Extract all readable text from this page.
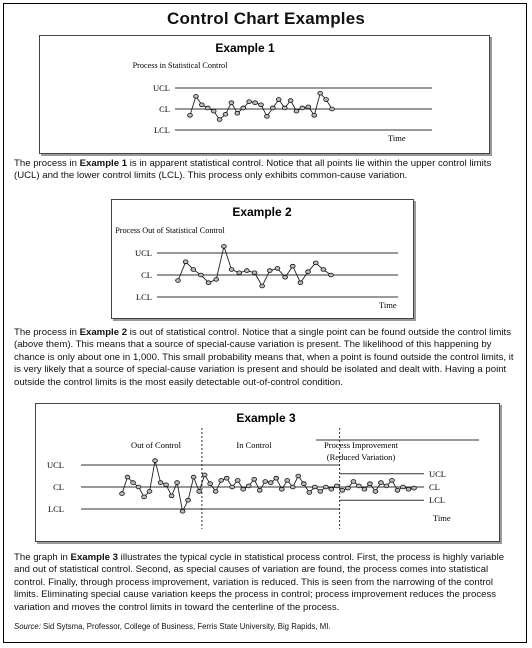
Control Chart Examples
Example 1
Process in Statistical Control
UCL
CL
LCL
Time

The process in Example 1 is in apparent statistical control. Notice that all points lie within the upper control limits (UCL) and the lower control limits (LCL). This process only exhibits common-cause variation.

Example 2
Process Out of Statistical Control
UCL
CL
LCL
Time

The process in Example 2 is out of statistical control. Notice that a single point can be found outside the control limits (above them). This means that a source of special-cause variation is present. The likelihood of this happening by chance is only about one in 1,000. This small probability means that, when a point is found outside the control limits, it is very likely that a source of special-cause variation is present and should be isolated and dealt with. Having a point outside the control limits is the most easily detectable out-of-control condition.

Example 3
UCL
CL
LCL
Out of Control	In Control	Process Improvement
(Reduced Variation)
UCL
CL
LCL
Time

The graph in Example 3 illustrates the typical cycle in statistical process control. First, the process is highly variable and out of statistical control. Second, as special causes of variation are found, the process comes into statistical control. Finally, through process improvement, variation is reduced. This is seen from the narrowing of the control limits. Eliminating special cause variation keeps the process in control; process improvement reduces the process variation and moves the control limits in toward the centerline of the process.

Source: Sid Sytsma, Professor, College of Business, Ferris State University, Big Rapids, MI.
